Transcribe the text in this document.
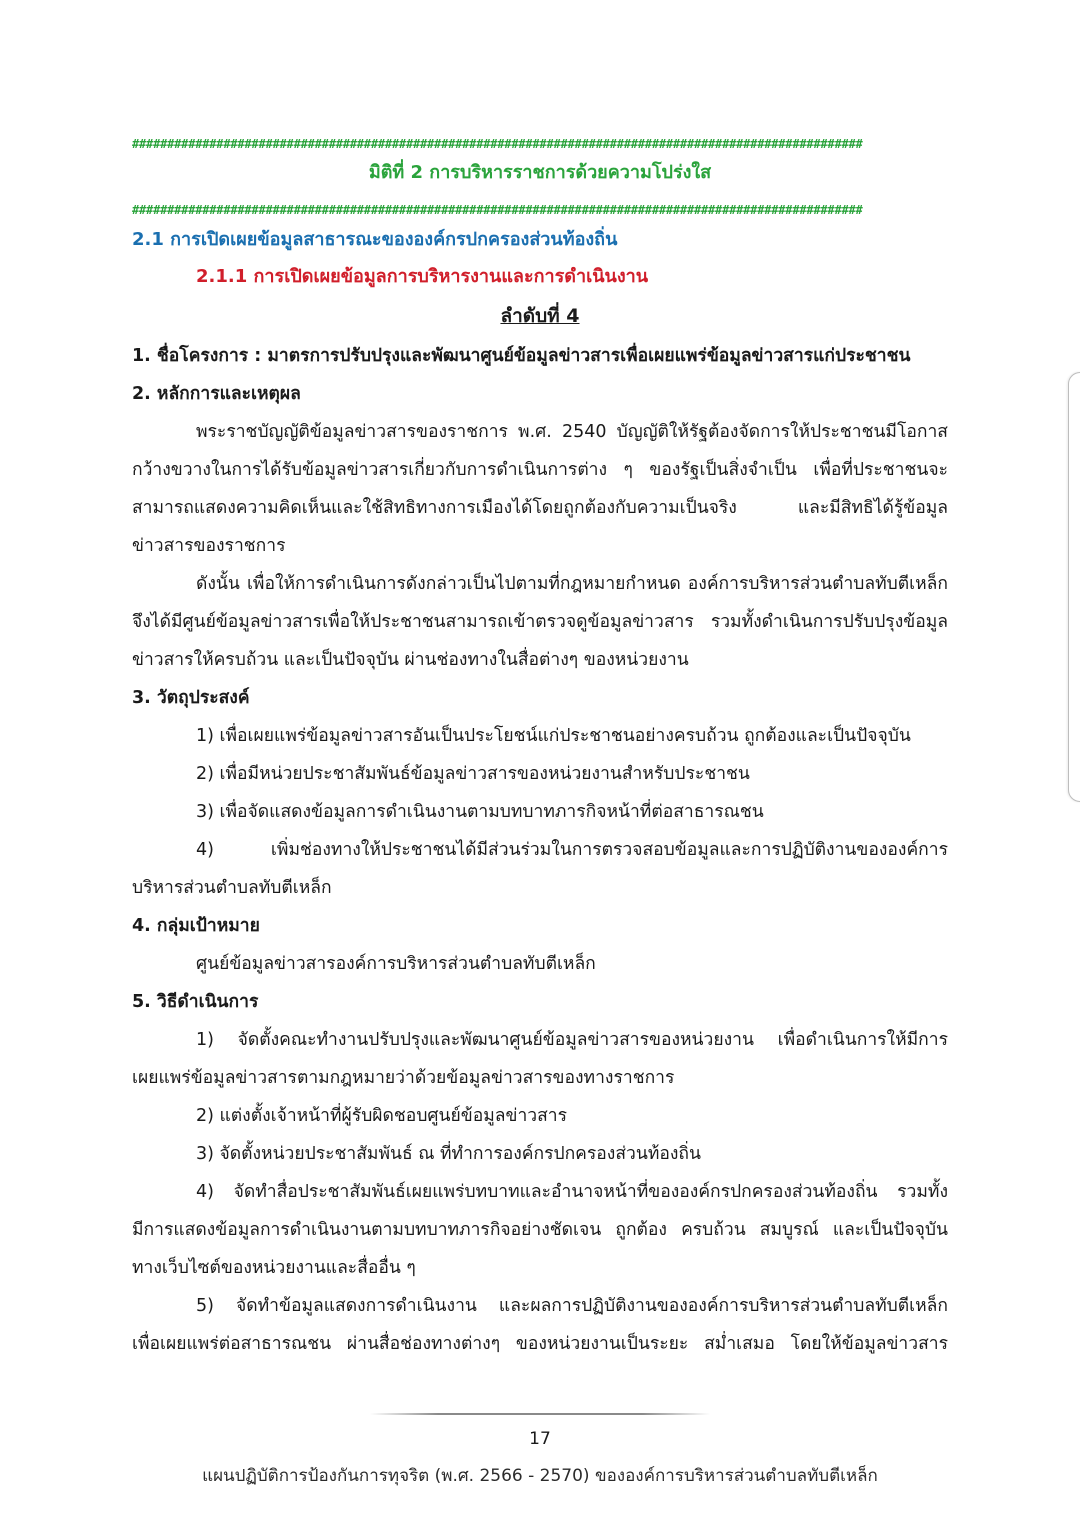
########################################################################################################
มิติที่ 2 การบริหารราชการด้วยความโปร่งใส
########################################################################################################
2.1 การเปิดเผยข้อมูลสาธารณะขององค์กรปกครองส่วนท้องถิ่น
2.1.1 การเปิดเผยข้อมูลการบริหารงานและการดำเนินงาน
ลำดับที่ 4
1. ชื่อโครงการ : มาตรการปรับปรุงและพัฒนาศูนย์ข้อมูลข่าวสารเพื่อเผยแพร่ข้อมูลข่าวสารแก่ประชาชน
2. หลักการและเหตุผล
พระราชบัญญัติข้อมูลข่าวสารของราชการ พ.ศ. 2540 บัญญัติให้รัฐต้องจัดการให้ประชาชนมีโอกาส
กว้างขวางในการได้รับข้อมูลข่าวสารเกี่ยวกับการดำเนินการต่าง ๆ ของรัฐเป็นสิ่งจำเป็น เพื่อที่ประชาชนจะ
สามารถแสดงความคิดเห็นและใช้สิทธิทางการเมืองได้โดยถูกต้องกับความเป็นจริง และมีสิทธิได้รู้ข้อมูล
ข่าวสารของราชการ
ดังนั้น เพื่อให้การดำเนินการดังกล่าวเป็นไปตามที่กฎหมายกำหนด องค์การบริหารส่วนตำบลทับตีเหล็ก
จึงได้มีศูนย์ข้อมูลข่าวสารเพื่อให้ประชาชนสามารถเข้าตรวจดูข้อมูลข่าวสาร รวมทั้งดำเนินการปรับปรุงข้อมูล
ข่าวสารให้ครบถ้วน และเป็นปัจจุบัน ผ่านช่องทางในสื่อต่างๆ ของหน่วยงาน
3. วัตถุประสงค์
1) เพื่อเผยแพร่ข้อมูลข่าวสารอันเป็นประโยชน์แก่ประชาชนอย่างครบถ้วน ถูกต้องและเป็นปัจจุบัน
2) เพื่อมีหน่วยประชาสัมพันธ์ข้อมูลข่าวสารของหน่วยงานสำหรับประชาชน
3) เพื่อจัดแสดงข้อมูลการดำเนินงานตามบทบาทภารกิจหน้าที่ต่อสาธารณชน
4) เพิ่มช่องทางให้ประชาชนได้มีส่วนร่วมในการตรวจสอบข้อมูลและการปฏิบัติงานขององค์การ
บริหารส่วนตำบลทับตีเหล็ก
4. กลุ่มเป้าหมาย
ศูนย์ข้อมูลข่าวสารองค์การบริหารส่วนตำบลทับตีเหล็ก
5. วิธีดำเนินการ
1) จัดตั้งคณะทำงานปรับปรุงและพัฒนาศูนย์ข้อมูลข่าวสารของหน่วยงาน เพื่อดำเนินการให้มีการ
เผยแพร่ข้อมูลข่าวสารตามกฎหมายว่าด้วยข้อมูลข่าวสารของทางราชการ
2) แต่งตั้งเจ้าหน้าที่ผู้รับผิดชอบศูนย์ข้อมูลข่าวสาร
3) จัดตั้งหน่วยประชาสัมพันธ์ ณ ที่ทำการองค์กรปกครองส่วนท้องถิ่น
4) จัดทำสื่อประชาสัมพันธ์เผยแพร่บทบาทและอำนาจหน้าที่ขององค์กรปกครองส่วนท้องถิ่น รวมทั้ง
มีการแสดงข้อมูลการดำเนินงานตามบทบาทภารกิจอย่างชัดเจน ถูกต้อง ครบถ้วน สมบูรณ์ และเป็นปัจจุบัน
ทางเว็บไซต์ของหน่วยงานและสื่ออื่น ๆ
5) จัดทำข้อมูลแสดงการดำเนินงาน และผลการปฏิบัติงานขององค์การบริหารส่วนตำบลทับตีเหล็ก
เพื่อเผยแพร่ต่อสาธารณชน ผ่านสื่อช่องทางต่างๆ ของหน่วยงานเป็นระยะ สม่ำเสมอ โดยให้ข้อมูลข่าวสาร
17
แผนปฏิบัติการป้องกันการทุจริต (พ.ศ. 2566 - 2570) ขององค์การบริหารส่วนตำบลทับตีเหล็ก
